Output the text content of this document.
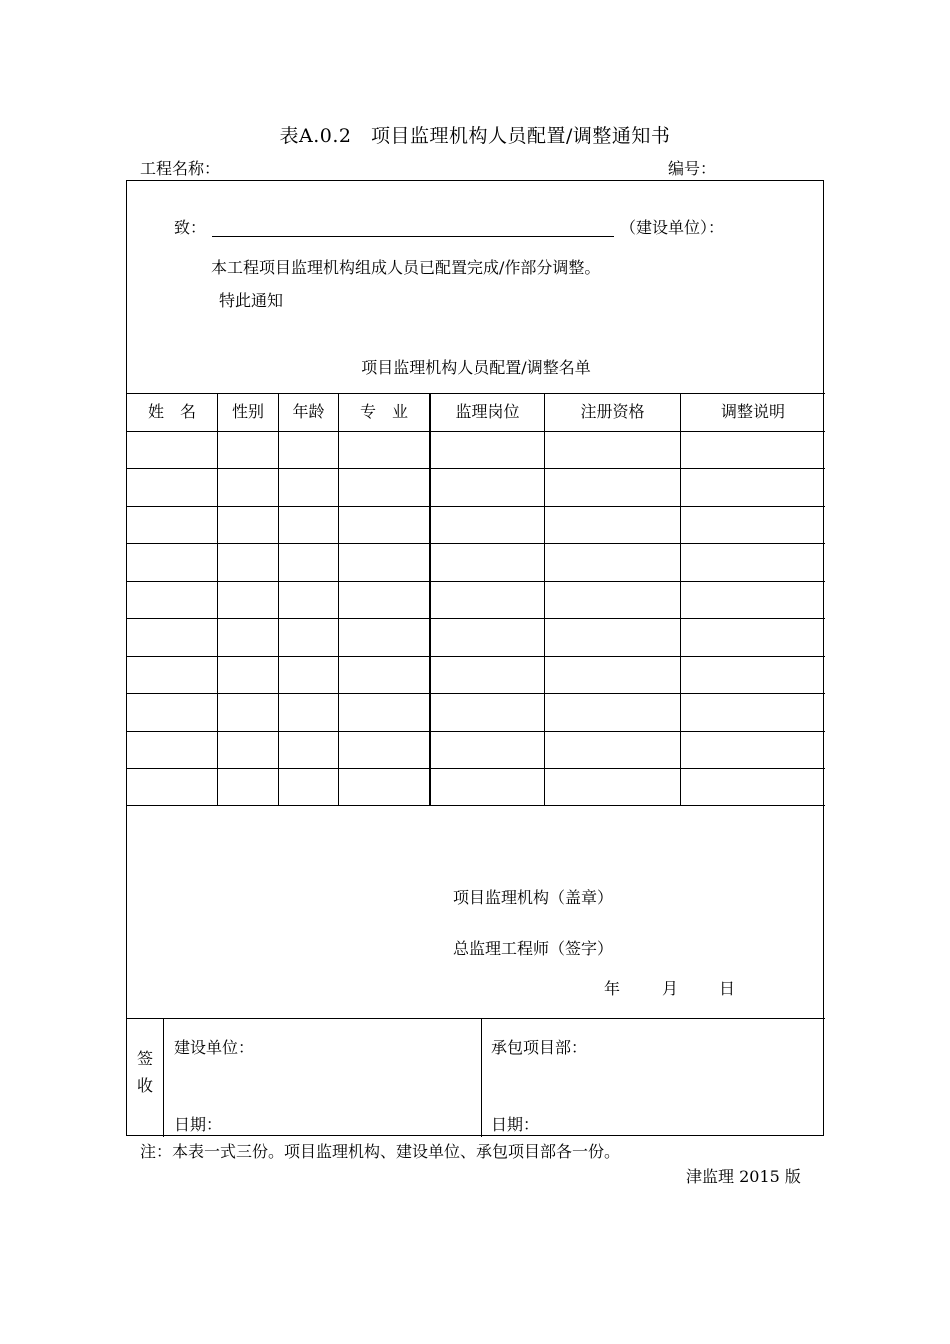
表A.0.2　项目监理机构人员配置/调整通知书
工程名称：	编号：
致：	（建设单位）：
本工程项目监理机构组成人员已配置完成/作部分调整。
特此通知
项目监理机构人员配置/调整名单
姓　名	性别	年龄	专　业	监理岗位	注册资格	调整说明
项目监理机构（盖章）
总监理工程师（签字）
年	月	日
签
收
建设单位：	承包项目部：
日期：	日期：
注：本表一式三份。项目监理机构、建设单位、承包项目部各一份。
津监理 2015 版
